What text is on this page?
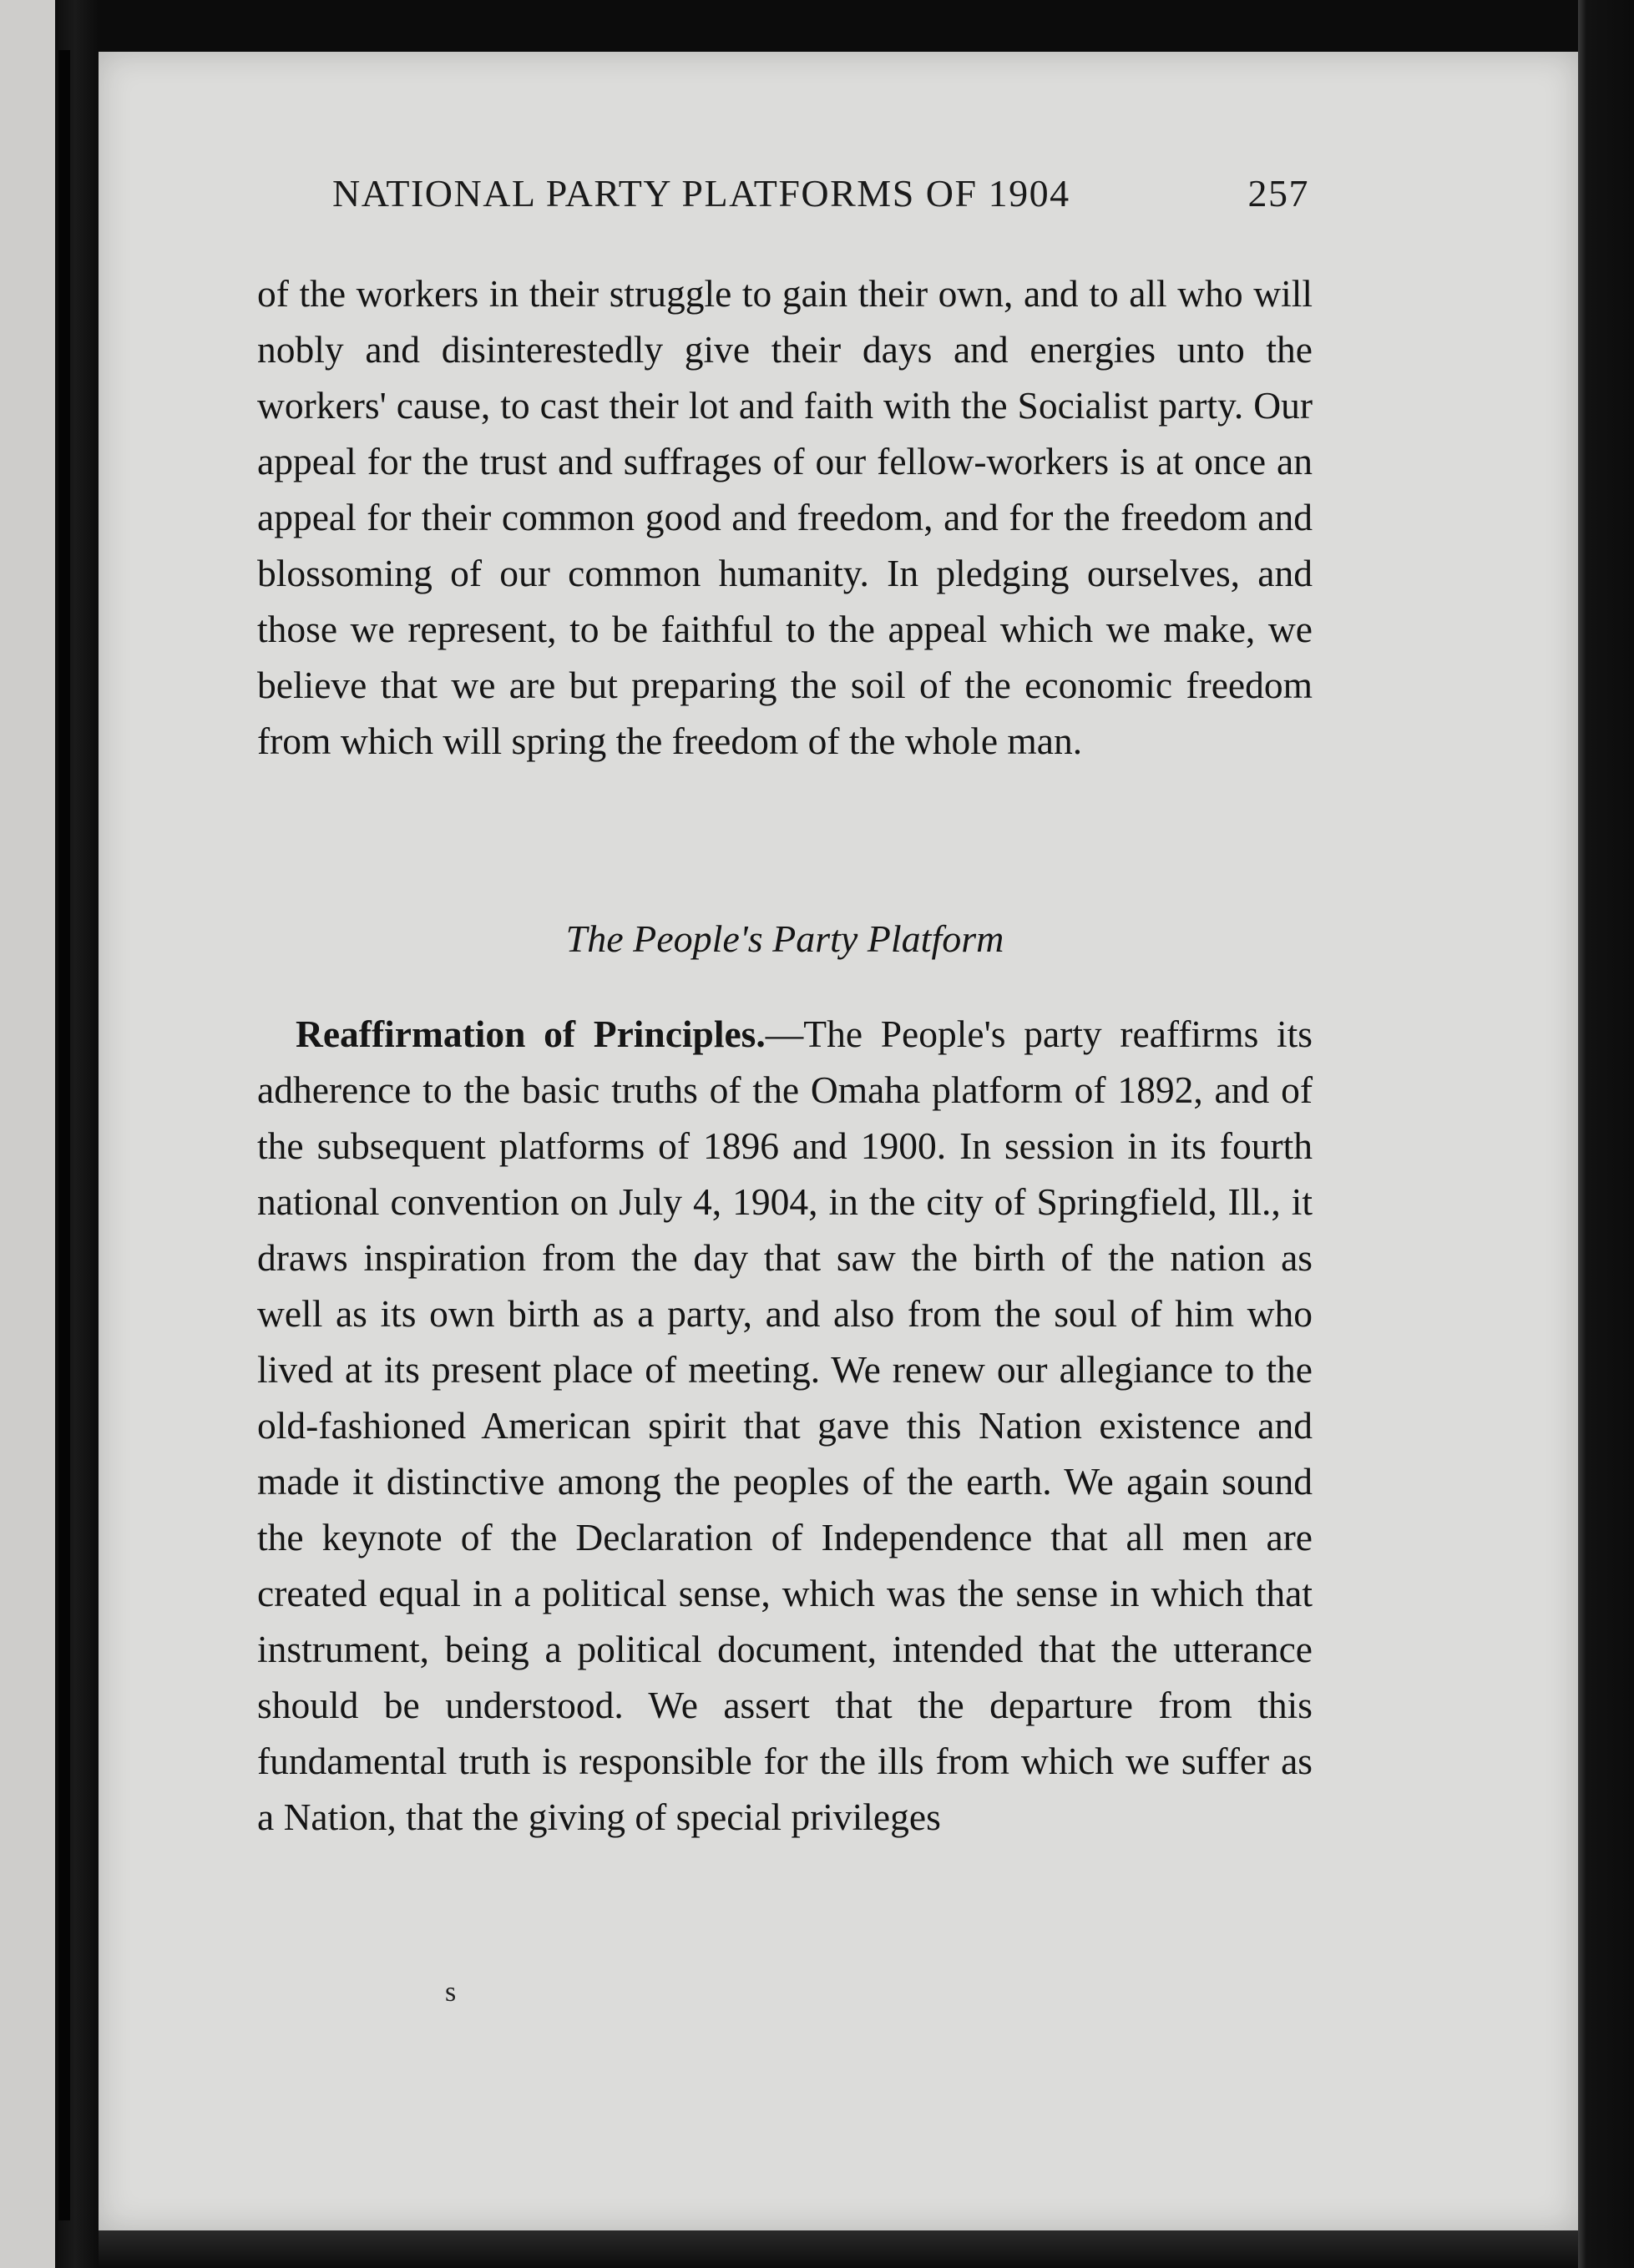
NATIONAL PARTY PLATFORMS OF 1904	257

of the workers in their struggle to gain their own, and to all who will nobly and disinterestedly give their days and energies unto the workers' cause, to cast their lot and faith with the Socialist party. Our appeal for the trust and suffrages of our fellow-workers is at once an appeal for their common good and freedom, and for the freedom and blossoming of our common humanity. In pledging ourselves, and those we represent, to be faithful to the appeal which we make, we believe that we are but preparing the soil of the economic freedom from which will spring the freedom of the whole man.

The People's Party Platform

Reaffirmation of Principles.—The People's party reaffirms its adherence to the basic truths of the Omaha platform of 1892, and of the subsequent platforms of 1896 and 1900. In session in its fourth national convention on July 4, 1904, in the city of Springfield, Ill., it draws inspiration from the day that saw the birth of the nation as well as its own birth as a party, and also from the soul of him who lived at its present place of meeting. We renew our allegiance to the old-fashioned American spirit that gave this Nation existence and made it distinctive among the peoples of the earth. We again sound the keynote of the Declaration of Independence that all men are created equal in a political sense, which was the sense in which that instrument, being a political document, intended that the utterance should be understood. We assert that the departure from this fundamental truth is responsible for the ills from which we suffer as a Nation, that the giving of special privileges

s
